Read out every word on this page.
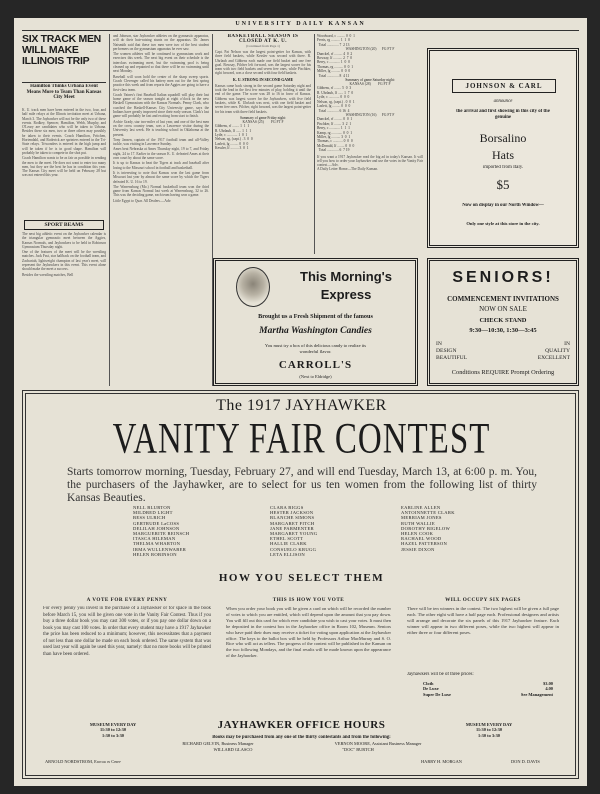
UNIVERSITY DAILY KANSAN
SIX TRACK MEN WILL MAKE ILLINOIS TRIP
Hamilton Thinks Urbana Event Means More to Team Than Kansas City Meet

K. U. track men have been entered in the two, four, and half mile relays at the Illinois invitation meet at Urbana, March 3. The Jayhawker will not be the only two of these events. Rodkey, Spencer, Hamilton, Webb, Murphy, and O'Leary are candidates who will be taken to Urbana. Besides these six men, two or three others may possibly be taken to their events. Coach Hamilton, Fritchen, Hortendahl, and Roderick are sprinters entered in the Tri-State relays. Triwonders is entered in the high jump and will be taken if he is in good shape. Hamilton will probably be taken to compete in the shot put.

Coach Hamilton wants to be as fair as possible in sending the men to the meet. He does not want to enter too many men, but they are the best he has in condition this year. The Kansas City meet will be held on February 28 but was not entered this year.

SPORT BEAMS

The next big athletic event on the Jayhawker calendar is the triangular gymnastic meet between the Aggies, Kansas Normals, and Jayhawkers to be held in Robinson Gymnasium Thursday night.

One of the features of the meet will be the wrestling matches. Jack Fast, star halfback on the football team, and Zachariah, lightweight champion of last year's meet, will represent the Jayhawkers in this event. This event alone should make the meet a success.

Besides the wrestling matches, Bell

and Johnson, star Jayhawker athletes on the gymnastic apparatus, will do their hair-raising stunts on the apparatus. Dr. James Naismith said that these two men were two of the best student performers on the gymnasium apparatus he ever saw.

The women athletes will be continued to gymnasium work and exercises this week. The next big event on their schedule is the interclass swimming meet, but the swimming pool is being cleaned up and repainted so that there will be no swimming until next Monday.

Baseball will soon hold the center of the sharp sweep sports. Coach Clevenger called his battery men out for the first spring practice this week and from reports the Aggies are going to have a first-class team.

Coach Vaines's first Baseball Italian squadrill will play their last home game of the season tonight at eight o'clock in the new Haskell Gymnasium with the Kansas Normals. Penny Clark, who coached the Haskell-Kansas City University game, says the Indians have greatly improved since their early season. Clark's last game will probably be fast and exciting from start to finish.

Archie Grady, star two-miler of last year, and one of the best men on the cross country team, was a Lawrence visitor during the University last week. He is teaching school in Oklahoma at the present.

Tony Jansen, captain of the 1917 football team and all-Valley tackle, was visiting in Lawrence Sunday.

Ames beat Nebraska at Ames Thursday night, 19 to 7, and Friday night, 24 to 17. Earlier in the season K. U. defeated Ames at their own court by about the same score.

It is up to Kansas to beat the Tigers at track and baseball after losing to the Missouri school in football and basketball.

It is interesting to note that Kansas won the last game from Missouri last year by almost the same score by which the Tigers defeated K. U. 16 to 19.

The Warrensburg (Mo.) Normal basketball team won the third game from Kansas Normal last week at Warrensburg, 32 to 26. This was the deciding game, each team having won a game.

Little Egypt to Quar. All Dealers.—Adv.

BASKETBALL SEASON IS CLOSED AT K. U.
(Continued from Page 1)
Capt. Pat Nelson was the largest point-getter for Kansas, with three field baskets, while Kessler was second with three. R. Uhrlaub and Gibbens each made one field basket and one free goal. Bowsay, Pilcher left forward, was the largest scorer for his team with two field baskets and seven free ones, while Pischker, right forward, was a close second with four field baskets.
K. U. STRONG IN SECOND GAME
Kansas came back strong in the second game Saturday night and took the lead in the first few minutes of play, holding it until the end of the game. The score was 28 to 16 in favor of Kansas. Gibbens was largest scorer for the Jayhawkers, with five field baskets, while K. Uhrlaub was next, with one field basket and seven free ones. Pilcher, right forward, was the largest point-getter for his team with three field baskets.
Summary of game Friday night:
KANSAS (25)        FG FT F
Gibbens, rf ........ 1  1  1
R. Uhrlaub, lf ...... 1  1  1
Lytle, c ............ 1  0  1
Nelson, rg, (capt.) . 3  0  0
Laslett, lg ......... 0  0  0
Kessler, lf ......... 3  0  1
Woodward, c ......... 0  0  1
Ferris, rg .......... 1  1  0
Total ............. 7  2 13
WASHINGTON (20)      FG FT F
Dunckel, rf ......... 4  0  2
Bowsay, lf .......... 2  7  0
Berry, c ............ 1  0  0
Thomas, rg .......... 0  0  1
Miller, lg .......... 0  0  0
Total ............. 8  4 11
Summary of game Saturday night:
KANSAS (28)        FG FT F
Gibbens, rf ........ 5  0  3
R. Uhrlaub, lf ...... 1  7  0
Lytle, c ............ 0  0  0
Nelson, rg, (capt.) . 0  0  1
Laslett, lg ......... 0  0  0
Total ............. 6 16  4
WASHINGTON (16)      FG FT F
Dunckel, rf ......... 0  0  1
Pischker, lf ........ 3  2  1
Berry, c ............ 1  1  1
Kamp, rg ............ 0  0  1
Miller, lg .......... 3  0  1
Thomas, c ........... 0  0  0
McDonald, lf ........ 0  0  0
Total ............. 6  7 19
If you want a 1917 Jayhawker read the big ad in today's Kansan. It will tell you how to order your Jayhawker and use the votes in the Vanity Fair contest.—Adv.
A Daily Letter Home—The Daily Kansan.
JOHNSON & CARL
announce
the arrival and first showing in this city of the genuine
Borsalino
Hats
imported from Italy.
$5
Now on display in our North Window—
Only one style at this store in the city.
This Morning's
Express
Brought us a Fresh Shipment of the famous
Martha Washington Candies
You must try a box of this delicious candy to realize its wonderful flavor.
CARROLL'S
(Next to Eldridge)
SENIORS!
COMMENCEMENT INVITATIONS
NOW ON SALE
CHECK STAND
9:30—10:30, 1:30—3:45
IN
DESIGN
BEAUTIFUL
IN
QUALITY
EXCELLENT
Conditions REQUIRE Prompt Ordering
The 1917 JAYHAWKER
VANITY FAIR CONTEST
Starts tomorrow morning, Tuesday, February 27, and will end Tuesday, March 13, at 6:00 p. m. You, the purchasers of the Jayhawker, are to select for us ten women from the following list of thirty Kansas Beauties.
NELL BLURTON
MILDRED LIGHT
BESS ULRICH
GERTRUDE LaCOSS
DELILAH JOHNSON
MARGUERITE REINSCH
ITASCA HILEMAN
THELMA WHARTON
IRMA WULLENWABER
HELEN ROBINSON
CLARA BIGGS
HESTER JACKSON
BLANCHE SIMONS
MARGARET FITCH
JANE PARMENTER
MARGARET YOUNG
ETHEL SCOTT
HALLIE CLARK
CONSUELO KRUGG
LETA ELLISON
EARLINE ALLEN
ANTOINNETTE CLARK
MERRIAM JONES
RUTH WALLIE
DOROTHY BIGELOW
HELEN COOK
RACHAEL WOOD
HAZEL PATTERSON
JESSIE DIXON
HOW YOU SELECT THEM
A VOTE FOR EVERY PENNY
For every penny you invest in the purchase of a Jayhawker or for space in the book before March 15, you will be given one vote in the Vanity Fair Contest. Thus if you buy a three dollar book you may cast 300 votes, or if you pay one dollar down on a book you may cast 100 votes. In order that every student may have a 1917 Jayhawker the price has been reduced to a minimum; however, this necessitates that a payment of not less than one dollar be made on each book ordered. The same system that was used last year will again be used this year, namely: that no more books will be printed than have been ordered.
THIS IS HOW YOU VOTE
When you order your book you will be given a card on which will be recorded the number of votes to which you are entitled, which will depend upon the amount that you pay down. You will fill out this card for which ever candidate you wish to cast your votes. It must then be deposited in the contest box in the Jayhawker office in Room 102, Museum. Seniors who have paid their dues may receive a ticket for voting upon application at the Jayhawker office. The keys to the ballot box will be held by Professors Arthur MacMurray and S. O. Rice who will act as tellers. The progress of the contest will be published in the Kansan on the two following Mondays, and the final results will be made known upon the appearance of the Jayhawker.
WILL OCCUPY SIX PAGES
There will be ten winners in the contest. The two highest will be given a full page each. The other eight will have a half page each. Professional designers and artists will arrange and decorate the six panels of this 1917 Jayhawker feature. Each winner will appear in two different poses, while the two highest will appear in either three or four different poses.
Jayhawkers will be of three prices:
Cloth	$3.00
De Luxe	4.00
Super De Luxe	See Management
MUSEUM EVERY DAY
11:30 to 12:30
1:30 to 3:30
MUSEUM EVERY DAY
11:30 to 12:30
1:30 to 3:30
JAYHAWKER OFFICE HOURS
Books may be purchased from any one of the thirty contestants and from the following:
RICHARD GELVIN, Business Manager	VERNON MOORE, Assistant Business Manager
WILLARD GLASCO	"DOC" BURTCH
ARNOLD NORDSTROM, Editor in Chief	HARRY H. MORGAN	DON D. DAVIS
